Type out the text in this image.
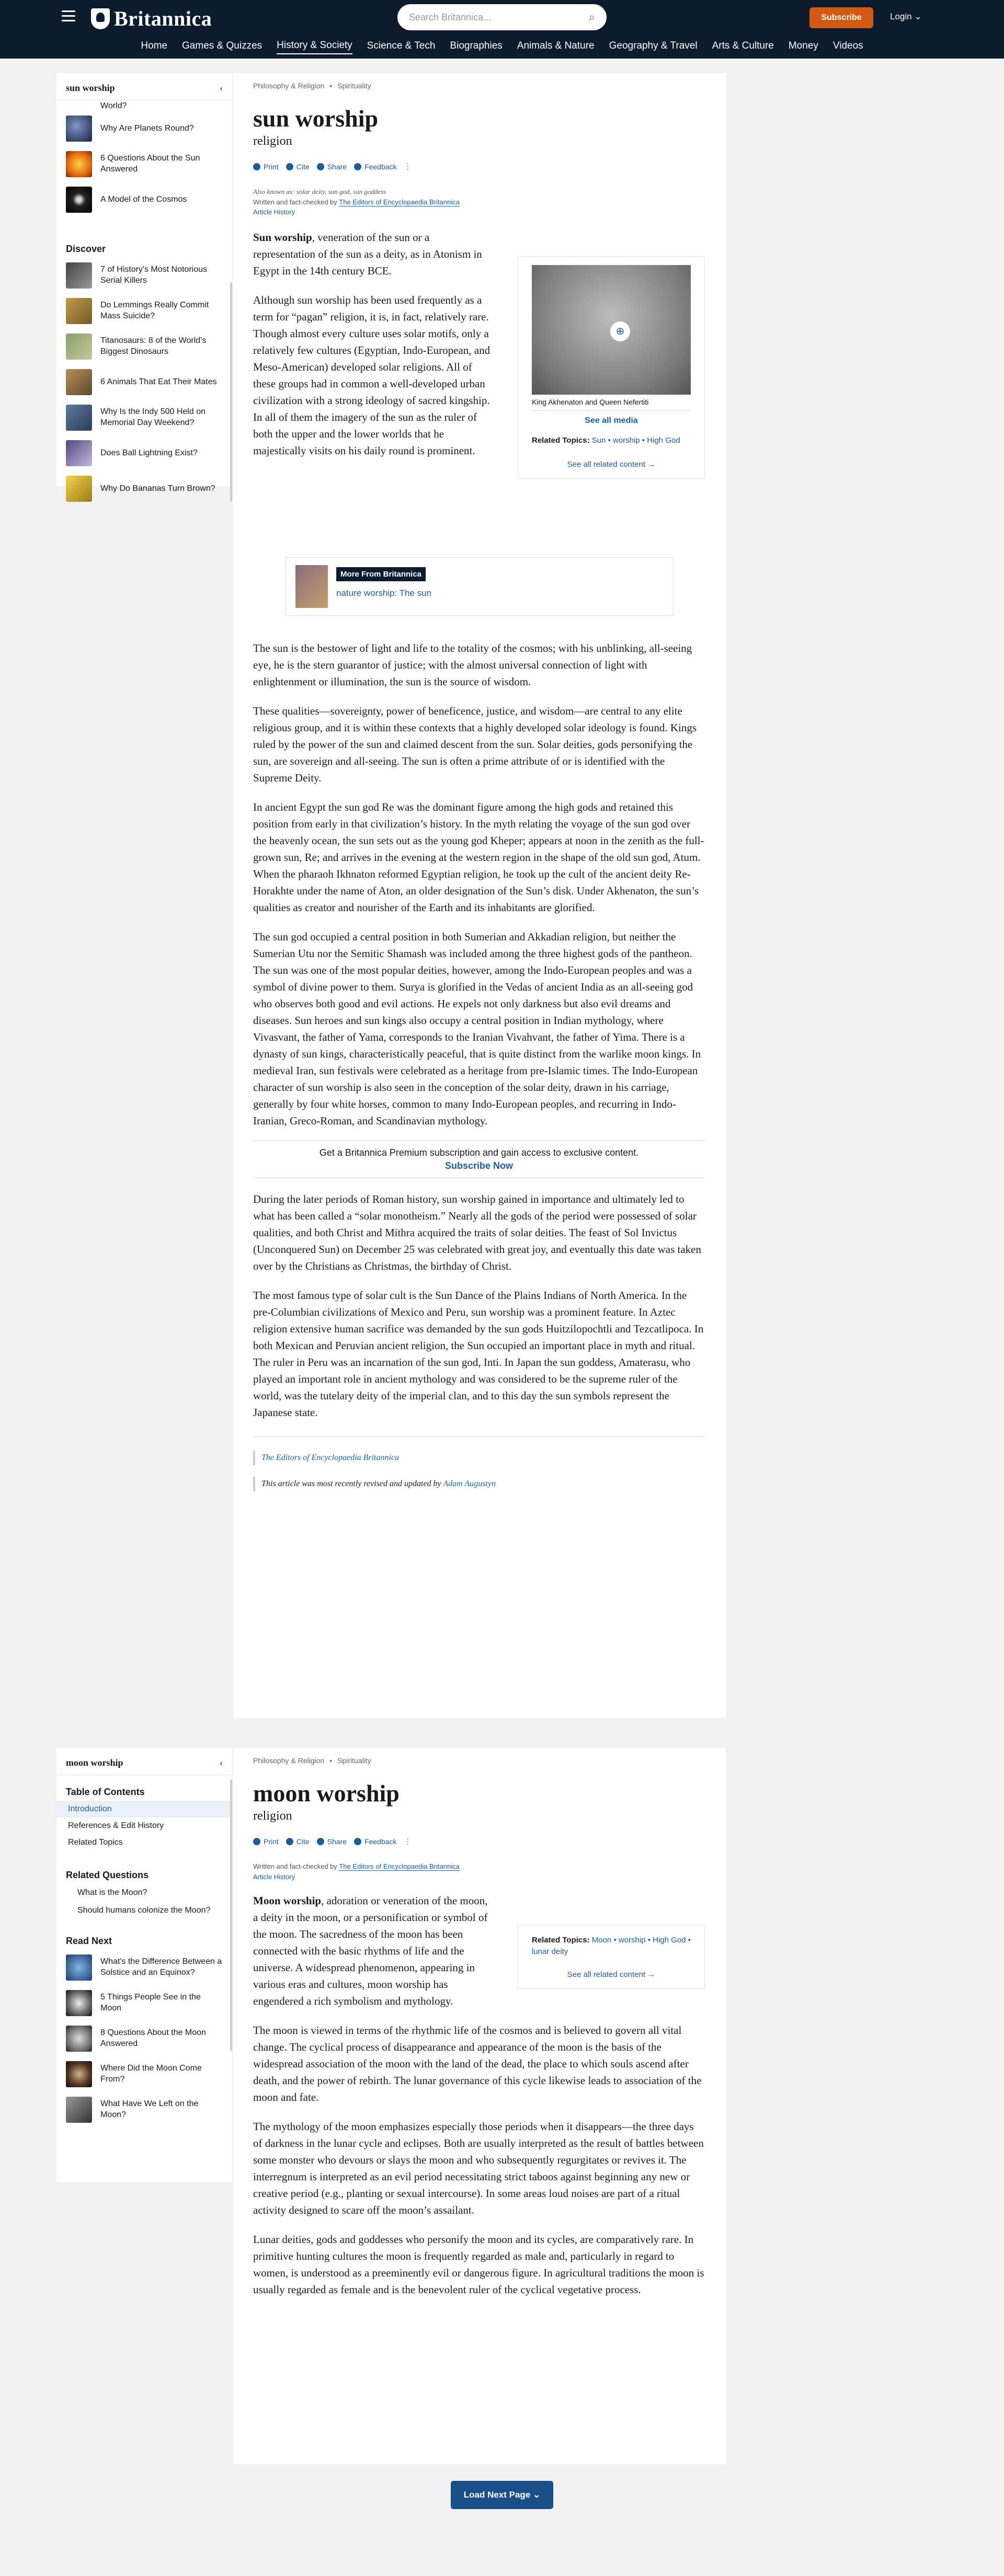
Britannica
Search Britannica...	⌕	Subscribe	Login ⌄
Home Games & Quizzes History & Society Science & Tech Biographies Animals & Nature Geography & Travel Arts & Culture Money Videos
sun worship	‹
World?
Why Are Planets Round?
6 Questions About the Sun Answered
A Model of the Cosmos
Discover
7 of History's Most Notorious Serial Killers
Do Lemmings Really Commit Mass Suicide?
Titanosaurs: 8 of the World's Biggest Dinosaurs
6 Animals That Eat Their Mates
Why Is the Indy 500 Held on Memorial Day Weekend?
Does Ball Lightning Exist?
Why Do Bananas Turn Brown?
Philosophy & Religion • Spirituality
sun worship
religion
Print	Cite	Share	Feedback ⋮
Also known as: solar deity, sun god, sun goddess
Written and fact-checked by The Editors of Encyclopaedia Britannica
Article History
⊕
King Akhenaton and Queen Nefertiti
See all media
Related Topics: Sun • worship • High God
See all related content →

Sun worship, veneration of the sun or a representation of the sun as a deity, as in Atonism in Egypt in the 14th century BCE.

Although sun worship has been used frequently as a term for “pagan” religion, it is, in fact, relatively rare. Though almost every culture uses solar motifs, only a relatively few cultures (Egyptian, Indo-European, and Meso-American) developed solar religions. All of these groups had in common a well-developed urban civilization with a strong ideology of sacred kingship. In all of them the imagery of the sun as the ruler of both the upper and the lower worlds that he majestically visits on his daily round is prominent.

More From Britannica
nature worship: The sun

The sun is the bestower of light and life to the totality of the cosmos; with his unblinking, all-seeing eye, he is the stern guarantor of justice; with the almost universal connection of light with enlightenment or illumination, the sun is the source of wisdom.

These qualities—sovereignty, power of beneficence, justice, and wisdom—are central to any elite religious group, and it is within these contexts that a highly developed solar ideology is found. Kings ruled by the power of the sun and claimed descent from the sun. Solar deities, gods personifying the sun, are sovereign and all-seeing. The sun is often a prime attribute of or is identified with the Supreme Deity.

In ancient Egypt the sun god Re was the dominant figure among the high gods and retained this position from early in that civilization’s history. In the myth relating the voyage of the sun god over the heavenly ocean, the sun sets out as the young god Kheper; appears at noon in the zenith as the full-grown sun, Re; and arrives in the evening at the western region in the shape of the old sun god, Atum. When the pharaoh Ikhnaton reformed Egyptian religion, he took up the cult of the ancient deity Re-Horakhte under the name of Aton, an older designation of the Sun’s disk. Under Akhenaton, the sun’s qualities as creator and nourisher of the Earth and its inhabitants are glorified.

The sun god occupied a central position in both Sumerian and Akkadian religion, but neither the Sumerian Utu nor the Semitic Shamash was included among the three highest gods of the pantheon. The sun was one of the most popular deities, however, among the Indo-European peoples and was a symbol of divine power to them. Surya is glorified in the Vedas of ancient India as an all-seeing god who observes both good and evil actions. He expels not only darkness but also evil dreams and diseases. Sun heroes and sun kings also occupy a central position in Indian mythology, where Vivasvant, the father of Yama, corresponds to the Iranian Vivahvant, the father of Yima. There is a dynasty of sun kings, characteristically peaceful, that is quite distinct from the warlike moon kings. In medieval Iran, sun festivals were celebrated as a heritage from pre-Islamic times. The Indo-European character of sun worship is also seen in the conception of the solar deity, drawn in his carriage, generally by four white horses, common to many Indo-European peoples, and recurring in Indo-Iranian, Greco-Roman, and Scandinavian mythology.

Get a Britannica Premium subscription and gain access to exclusive content.
Subscribe Now

During the later periods of Roman history, sun worship gained in importance and ultimately led to what has been called a “solar monotheism.” Nearly all the gods of the period were possessed of solar qualities, and both Christ and Mithra acquired the traits of solar deities. The feast of Sol Invictus (Unconquered Sun) on December 25 was celebrated with great joy, and eventually this date was taken over by the Christians as Christmas, the birthday of Christ.

The most famous type of solar cult is the Sun Dance of the Plains Indians of North America. In the pre-Columbian civilizations of Mexico and Peru, sun worship was a prominent feature. In Aztec religion extensive human sacrifice was demanded by the sun gods Huitzilopochtli and Tezcatlipoca. In both Mexican and Peruvian ancient religion, the Sun occupied an important place in myth and ritual. The ruler in Peru was an incarnation of the sun god, Inti. In Japan the sun goddess, Amaterasu, who played an important role in ancient mythology and was considered to be the supreme ruler of the world, was the tutelary deity of the imperial clan, and to this day the sun symbols represent the Japanese state.

The Editors of Encyclopaedia Britannica
This article was most recently revised and updated by Adam Augustyn
moon worship	‹
Table of Contents
Introduction
References & Edit History
Related Topics
Related Questions
What is the Moon?
Should humans colonize the Moon?
Read Next
What's the Difference Between a Solstice and an Equinox?
5 Things People See in the Moon
8 Questions About the Moon Answered
Where Did the Moon Come From?
What Have We Left on the Moon?
Philosophy & Religion • Spirituality
moon worship
religion
Print	Cite	Share	Feedback ⋮
Written and fact-checked by The Editors of Encyclopaedia Britannica
Article History
Related Topics: Moon • worship • High God • lunar deity
See all related content →

Moon worship, adoration or veneration of the moon, a deity in the moon, or a personification or symbol of the moon. The sacredness of the moon has been connected with the basic rhythms of life and the universe. A widespread phenomenon, appearing in various eras and cultures, moon worship has engendered a rich symbolism and mythology.

The moon is viewed in terms of the rhythmic life of the cosmos and is believed to govern all vital change. The cyclical process of disappearance and appearance of the moon is the basis of the widespread association of the moon with the land of the dead, the place to which souls ascend after death, and the power of rebirth. The lunar governance of this cycle likewise leads to association of the moon and fate.

The mythology of the moon emphasizes especially those periods when it disappears—the three days of darkness in the lunar cycle and eclipses. Both are usually interpreted as the result of battles between some monster who devours or slays the moon and who subsequently regurgitates or revives it. The interregnum is interpreted as an evil period necessitating strict taboos against beginning any new or creative period (e.g., planting or sexual intercourse). In some areas loud noises are part of a ritual activity designed to scare off the moon’s assailant.

Lunar deities, gods and goddesses who personify the moon and its cycles, are comparatively rare. In primitive hunting cultures the moon is frequently regarded as male and, particularly in regard to women, is understood as a preeminently evil or dangerous figure. In agricultural traditions the moon is usually regarded as female and is the benevolent ruler of the cyclical vegetative process.

Load Next Page ⌄
